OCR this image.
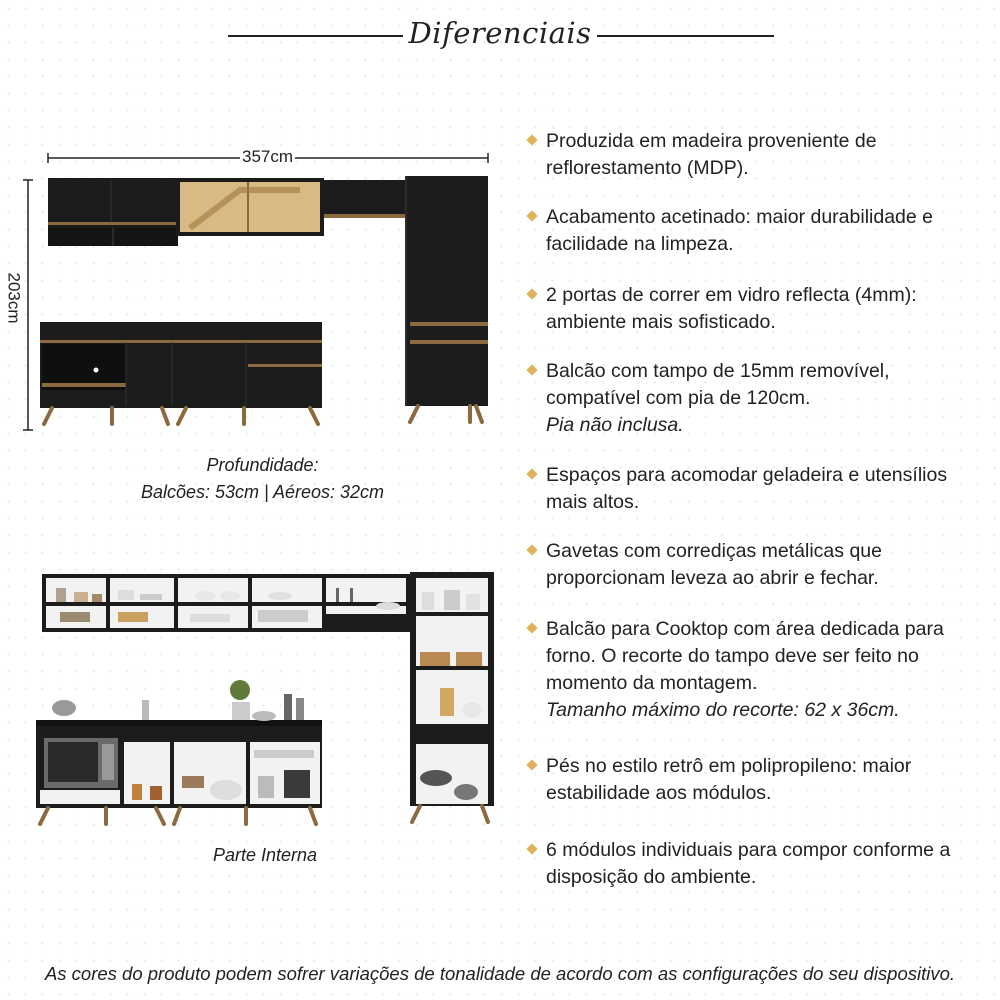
Diferenciais
357cm
203cm
Profundidade:
Balcões: 53cm | Aéreos: 32cm
Parte Interna

Produzida em madeira proveniente de reflorestamento (MDP).

Acabamento acetinado: maior durabilidade e facilidade na limpeza.

2 portas de correr em vidro reflecta (4mm): ambiente mais sofisticado.

Balcão com tampo de 15mm removível, compatível com pia de 120cm.
Pia não inclusa.

Espaços para acomodar geladeira e utensílios mais altos.

Gavetas com corrediças metálicas que proporcionam leveza ao abrir e fechar.

Balcão para Cooktop com área dedicada para forno. O recorte do tampo deve ser feito no momento da montagem.
Tamanho máximo do recorte: 62 x 36cm.

Pés no estilo retrô em polipropileno: maior estabilidade aos módulos.

6 módulos individuais para compor conforme a disposição do ambiente.

As cores do produto podem sofrer variações de tonalidade de acordo com as configurações do seu dispositivo.
